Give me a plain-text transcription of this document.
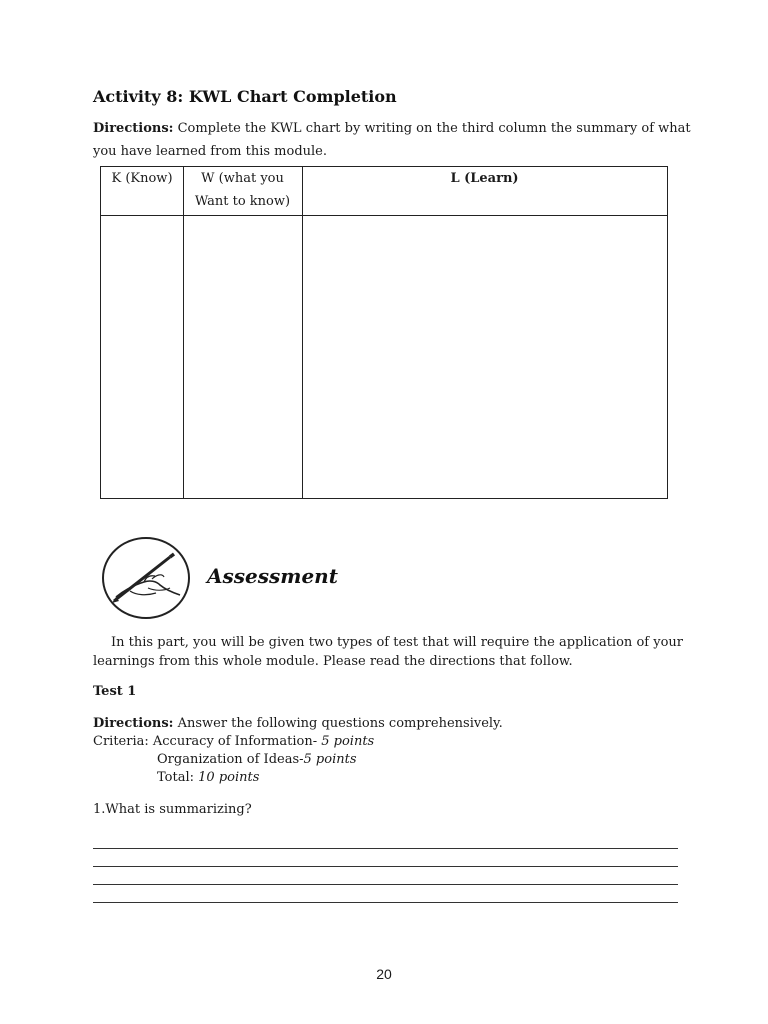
Activity 8: KWL Chart Completion

Directions: Complete the KWL chart by writing on the third column the summary of what you have learned from this module.

K (Know)	W (what you
Want to know)
L (Learn)
Assessment

In this part, you will be given two types of test that will require the application of your learnings from this whole module. Please read the directions that follow.

Test 1

Directions: Answer the following questions comprehensively.

Criteria: Accuracy of Information- 5 points

Organization of Ideas-5 points

Total: 10 points

1.What is summarizing?

20
